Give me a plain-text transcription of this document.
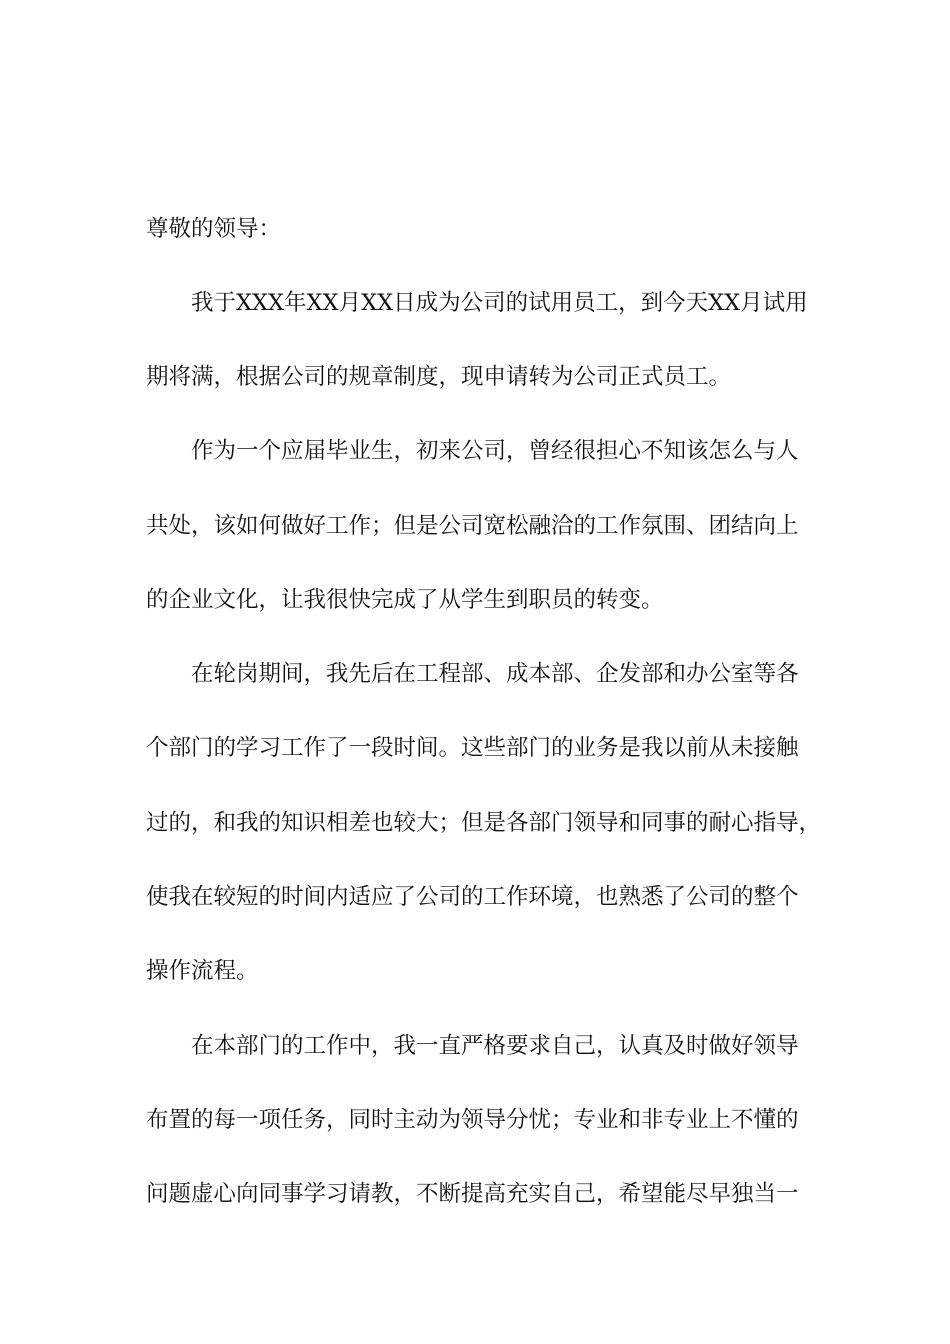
尊敬的领导：

我于XXX年XX月XX日成为公司的试用员工，到今天XX月试用

期将满，根据公司的规章制度，现申请转为公司正式员工。

作为一个应届毕业生，初来公司，曾经很担心不知该怎么与人

共处，该如何做好工作；但是公司宽松融洽的工作氛围、团结向上

的企业文化，让我很快完成了从学生到职员的转变。

在轮岗期间，我先后在工程部、成本部、企发部和办公室等各

个部门的学习工作了一段时间。这些部门的业务是我以前从未接触

过的，和我的知识相差也较大；但是各部门领导和同事的耐心指导，

使我在较短的时间内适应了公司的工作环境，也熟悉了公司的整个

操作流程。

在本部门的工作中，我一直严格要求自己，认真及时做好领导

布置的每一项任务，同时主动为领导分忧；专业和非专业上不懂的

问题虚心向同事学习请教，不断提高充实自己，希望能尽早独当一
